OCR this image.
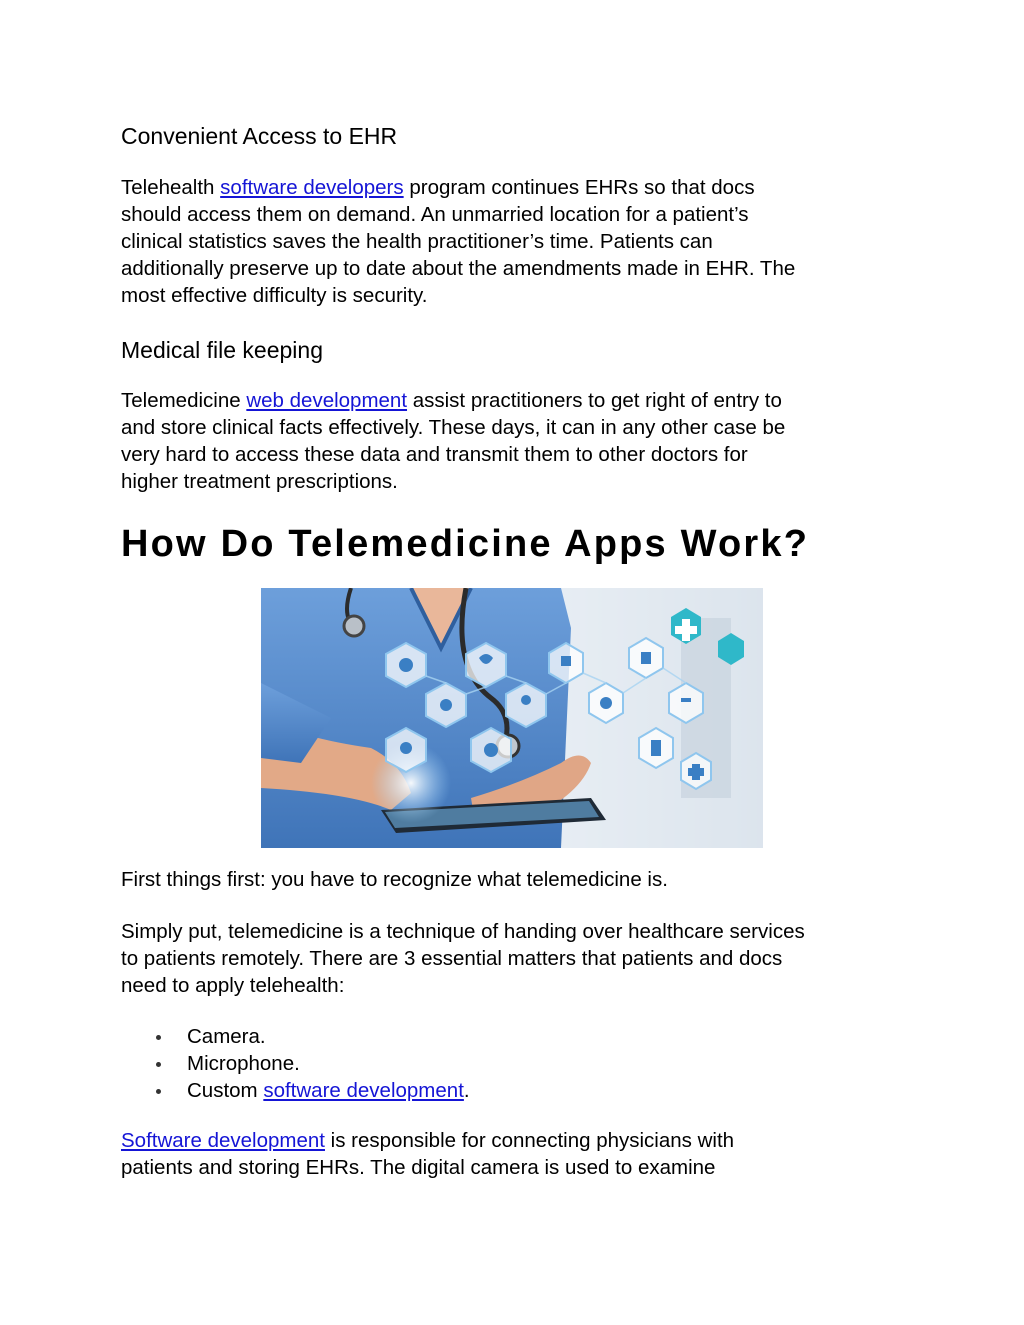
Convenient Access to EHR
Telehealth software developers program continues EHRs so that docs
should access them on demand. An unmarried location for a patient’s
clinical statistics saves the health practitioner’s time. Patients can
additionally preserve up to date about the amendments made in EHR. The
most effective difficulty is security.
Medical file keeping
Telemedicine web development assist practitioners to get right of entry to
and store clinical facts effectively. These days, it can in any other case be
very hard to access these data and transmit them to other doctors for
higher treatment prescriptions.
How Do Telemedicine Apps Work?
First things first: you have to recognize what telemedicine is.
Simply put, telemedicine is a technique of handing over healthcare services
to patients remotely. There are 3 essential matters that patients and docs
need to apply telehealth:
Camera.
Microphone.
Custom software development.
Software development is responsible for connecting physicians with
patients and storing EHRs. The digital camera is used to examine
